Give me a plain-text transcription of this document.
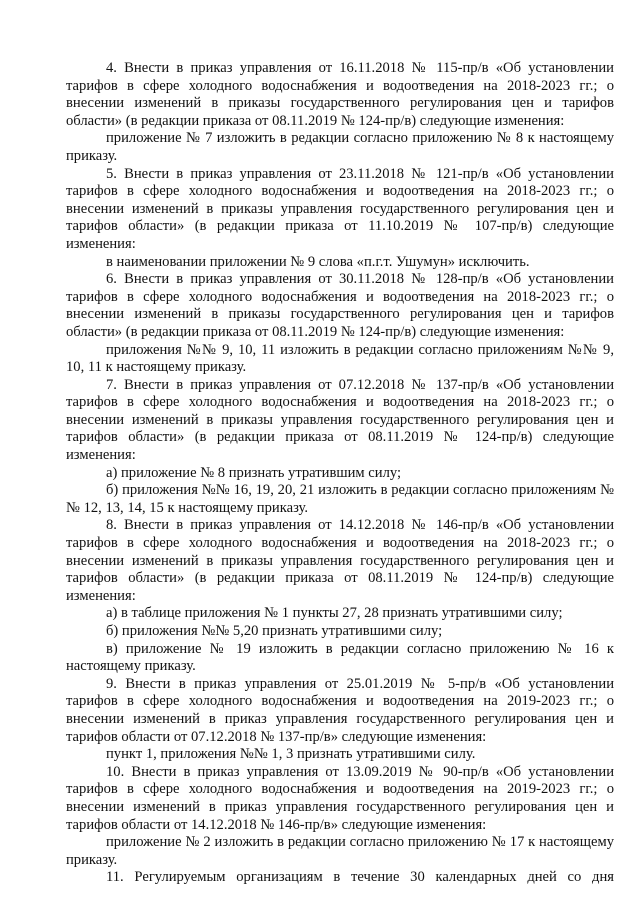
4. Внести в приказ управления от 16.11.2018 № 115-пр/в «Об установлении тарифов в сфере холодного водоснабжения и водоотведения на 2018-2023 гг.; о внесении изменений в приказы государственного регулирования цен и тарифов области» (в редакции приказа от 08.11.2019 № 124-пр/в) следующие изменения:

приложение № 7 изложить в редакции согласно приложению № 8 к настоящему приказу.

5. Внести в приказ управления от 23.11.2018 № 121-пр/в «Об установлении тарифов в сфере холодного водоснабжения и водоотведения на 2018-2023 гг.; о внесении изменений в приказы управления государственного регулирования цен и тарифов области» (в редакции приказа от 11.10.2019 № 107-пр/в) следующие изменения:

в наименовании приложении № 9 слова «п.г.т. Ушумун» исключить.

6. Внести в приказ управления от 30.11.2018 № 128-пр/в «Об установлении тарифов в сфере холодного водоснабжения и водоотведения на 2018-2023 гг.; о внесении изменений в приказы государственного регулирования цен и тарифов области» (в редакции приказа от 08.11.2019 № 124-пр/в) следующие изменения:

приложения №№ 9, 10, 11 изложить в редакции согласно приложениям №№ 9, 10, 11 к настоящему приказу.

7. Внести в приказ управления от 07.12.2018 № 137-пр/в «Об установлении тарифов в сфере холодного водоснабжения и водоотведения на 2018-2023 гг.; о внесении изменений в приказы управления государственного регулирования цен и тарифов области» (в редакции приказа от 08.11.2019 № 124-пр/в) следующие изменения:

а) приложение № 8 признать утратившим силу;

б) приложения №№ 16, 19, 20, 21 изложить в редакции согласно приложениям №№ 12, 13, 14, 15 к настоящему приказу.

8. Внести в приказ управления от 14.12.2018 № 146-пр/в «Об установлении тарифов в сфере холодного водоснабжения и водоотведения на 2018-2023 гг.; о внесении изменений в приказы управления государственного регулирования цен и тарифов области» (в редакции приказа от 08.11.2019 № 124-пр/в) следующие изменения:

а) в таблице приложения № 1 пункты 27, 28 признать утратившими силу;

б) приложения №№ 5,20 признать утратившими силу;

в) приложение № 19 изложить в редакции согласно приложению № 16 к настоящему приказу.

9. Внести в приказ управления от 25.01.2019 № 5-пр/в «Об установлении тарифов в сфере холодного водоснабжения и водоотведения на 2019-2023 гг.; о внесении изменений в приказ управления государственного регулирования цен и тарифов области от 07.12.2018 № 137-пр/в» следующие изменения:

пункт 1, приложения №№ 1, 3 признать утратившими силу.

10. Внести в приказ управления от 13.09.2019 № 90-пр/в «Об установлении тарифов в сфере холодного водоснабжения и водоотведения на 2019-2023 гг.; о внесении изменений в приказ управления государственного регулирования цен и тарифов области от 14.12.2018 № 146-пр/в» следующие изменения:

приложение № 2 изложить в редакции согласно приложению № 17 к настоящему приказу.

11. Регулируемым организациям в течение 30 календарных дней со дня
